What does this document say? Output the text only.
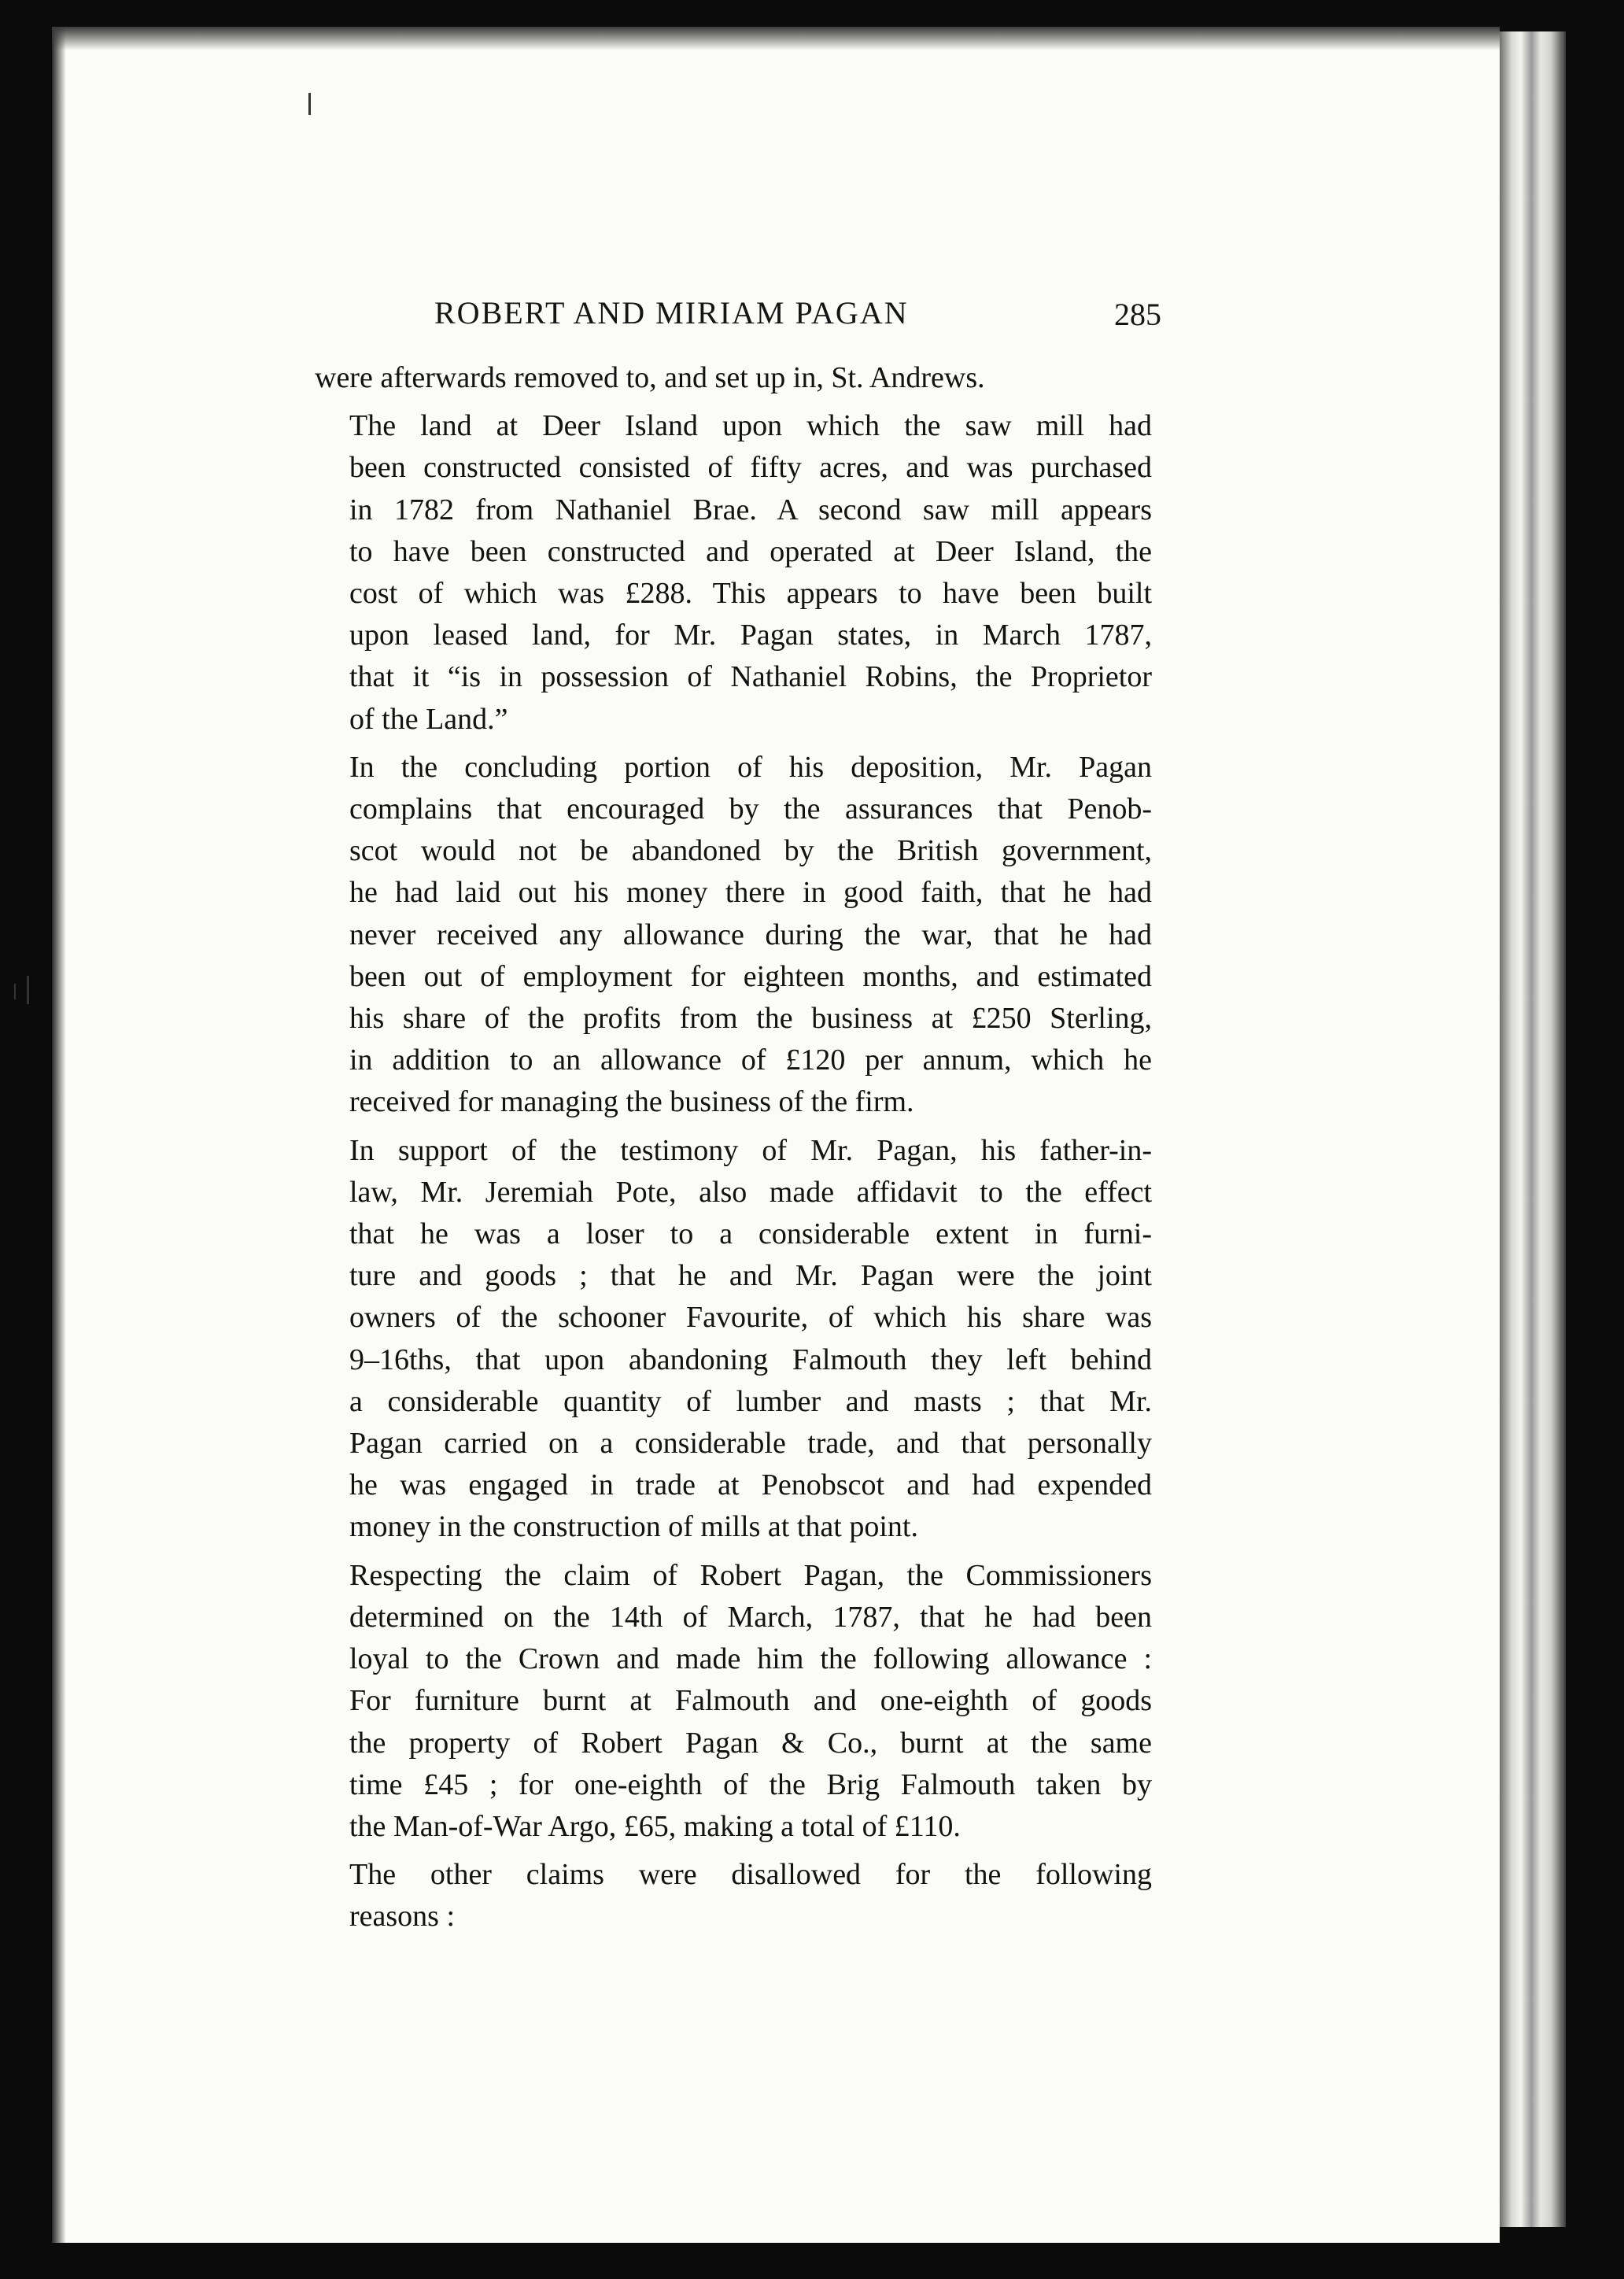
ROBERT AND MIRIAM PAGAN	285

were afterwards removed to, and set up in, St. Andrews.

The land at Deer Island upon which the saw mill had
been constructed consisted of fifty acres, and was purchased
in 1782 from Nathaniel Brae. A second saw mill appears
to have been constructed and operated at Deer Island, the
cost of which was £288. This appears to have been built
upon leased land, for Mr. Pagan states, in March 1787,
that it “is in possession of Nathaniel Robins, the Proprietor
of the Land.”

In the concluding portion of his deposition, Mr. Pagan
complains that encouraged by the assurances that Penob-
scot would not be abandoned by the British government,
he had laid out his money there in good faith, that he had
never received any allowance during the war, that he had
been out of employment for eighteen months, and estimated
his share of the profits from the business at £250 Sterling,
in addition to an allowance of £120 per annum, which he
received for managing the business of the firm.

In support of the testimony of Mr. Pagan, his father-in-
law, Mr. Jeremiah Pote, also made affidavit to the effect
that he was a loser to a considerable extent in furni-
ture and goods ; that he and Mr. Pagan were the joint
owners of the schooner Favourite, of which his share was
9–16ths, that upon abandoning Falmouth they left behind
a considerable quantity of lumber and masts ; that Mr.
Pagan carried on a considerable trade, and that personally
he was engaged in trade at Penobscot and had expended
money in the construction of mills at that point.

Respecting the claim of Robert Pagan, the Commissioners
determined on the 14th of March, 1787, that he had been
loyal to the Crown and made him the following allowance :
For furniture burnt at Falmouth and one-eighth of goods
the property of Robert Pagan & Co., burnt at the same
time £45 ; for one-eighth of the Brig Falmouth taken by
the Man-of-War Argo, £65, making a total of £110.

The other claims were disallowed for the following
reasons :
